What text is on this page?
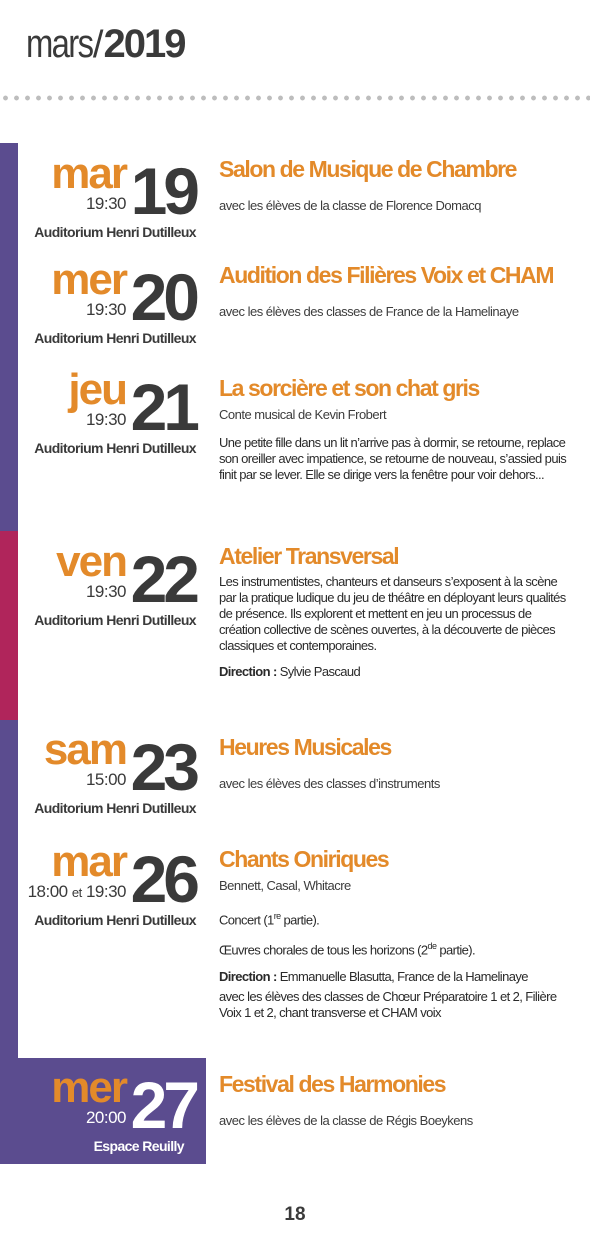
mars/2019
mar 19
19:30
Auditorium Henri Dutilleux
Salon de Musique de Chambre
avec les élèves de la classe de Florence Domacq
mer 20
19:30
Auditorium Henri Dutilleux
Audition des Filières Voix et CHAM
avec les élèves des classes de France de la Hamelinaye
jeu 21
19:30
Auditorium Henri Dutilleux
La sorcière et son chat gris
Conte musical de Kevin Frobert
Une petite fille dans un lit n’arrive pas à dormir, se retourne, replace son oreiller avec impatience, se retourne de nouveau, s’assied puis finit par se lever. Elle se dirige vers la fenêtre pour voir dehors...
ven 22
19:30
Auditorium Henri Dutilleux
Atelier Transversal
Les instrumentistes, chanteurs et danseurs s’exposent à la scène par la pratique ludique du jeu de théâtre en déployant leurs qualités de présence. Ils explorent et mettent en jeu un processus de création collective de scènes ouvertes, à la découverte de pièces classiques et contemporaines.
Direction : Sylvie Pascaud
sam 23
15:00
Auditorium Henri Dutilleux
Heures Musicales
avec les élèves des classes d’instruments
mar 26
18:00 et 19:30
Auditorium Henri Dutilleux
Chants Oniriques
Bennett, Casal, Whitacre
Concert (1re partie).
Œuvres chorales de tous les horizons (2de partie).
Direction : Emmanuelle Blasutta, France de la Hamelinaye
avec les élèves des classes de Chœur Préparatoire 1 et 2, Filière Voix 1 et 2, chant transverse et CHAM voix
mer 27
20:00
Espace Reuilly
Festival des Harmonies
avec les élèves de la classe de Régis Boeykens
18
